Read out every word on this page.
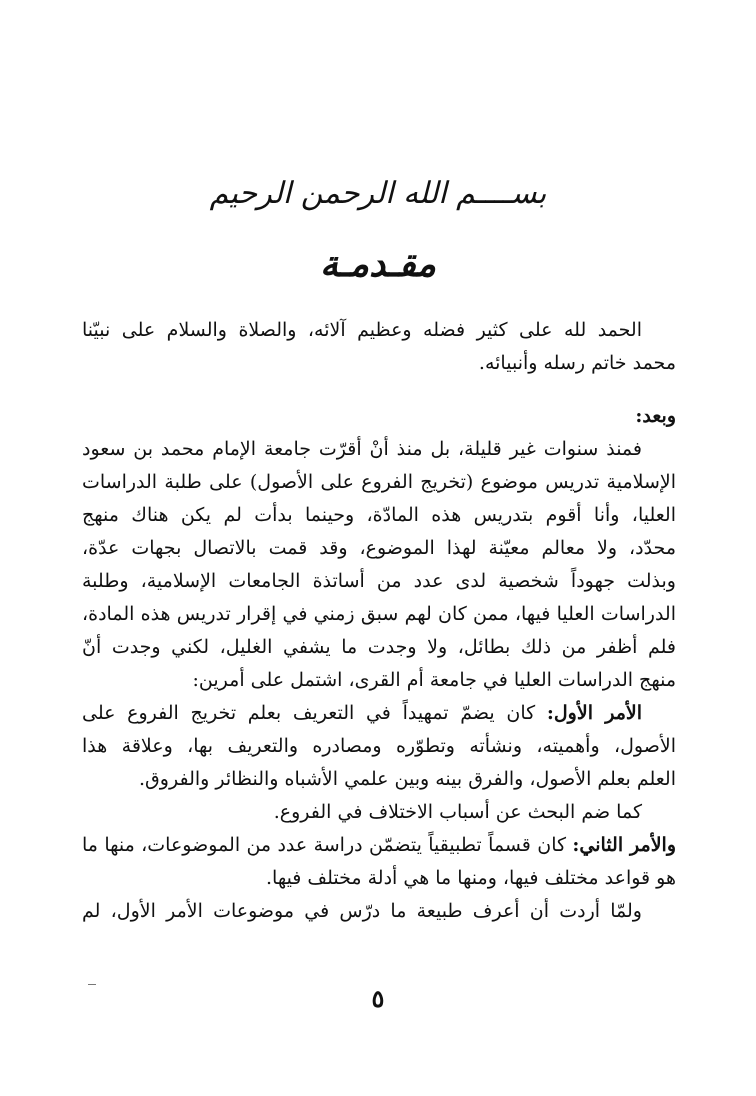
بســــم الله الرحمن الرحيم
مقـدمـة
الحمد لله على كثير فضله وعظيم آلائه، والصلاة والسلام على نبيّنا
محمد خاتم رسله وأنبيائه.
وبعد:
فمنذ سنوات غير قليلة، بل منذ أنْ أقرّت جامعة الإمام محمد بن سعود
الإسلامية تدريس موضوع (تخريج الفروع على الأصول) على طلبة الدراسات
العليا، وأنا أقوم بتدريس هذه المادّة، وحينما بدأت لم يكن هناك منهج
محدّد، ولا معالم معيّنة لهذا الموضوع، وقد قمت بالاتصال بجهات عدّة،
وبذلت جهوداً شخصية لدى عدد من أساتذة الجامعات الإسلامية، وطلبة
الدراسات العليا فيها، ممن كان لهم سبق زمني في إقرار تدريس هذه المادة،
فلم أظفر من ذلك بطائل، ولا وجدت ما يشفي الغليل، لكني وجدت أنّ
منهج الدراسات العليا في جامعة أم القرى، اشتمل على أمرين:
الأمر الأول: كان يضمّ تمهيداً في التعريف بعلم تخريج الفروع على
الأصول، وأهميته، ونشأته وتطوّره ومصادره والتعريف بها، وعلاقة هذا
العلم بعلم الأصول، والفرق بينه وبين علمي الأشباه والنظائر والفروق.
كما ضم البحث عن أسباب الاختلاف في الفروع.
والأمر الثاني: كان قسماً تطبيقياً يتضمّن دراسة عدد من الموضوعات، منها ما
هو قواعد مختلف فيها، ومنها ما هي أدلة مختلف فيها.
ولمّا أردت أن أعرف طبيعة ما درّس في موضوعات الأمر الأول، لم
٥
